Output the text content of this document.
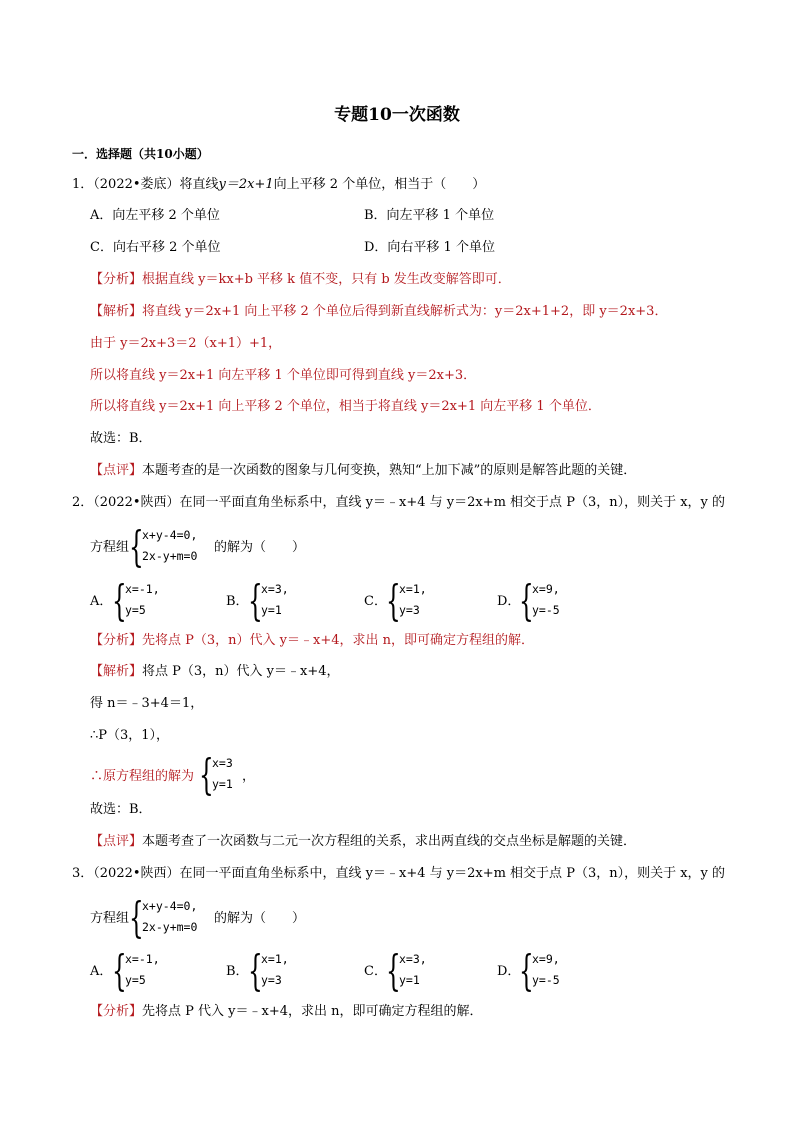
专题10一次函数
一．选择题（共10小题）
1．（2022•娄底）将直线y＝2x+1向上平移 2 个单位，相当于（　　）
A．向左平移 2 个单位	B．向左平移 1 个单位
C．向右平移 2 个单位	D．向右平移 1 个单位
【分析】根据直线 y＝kx+b 平移 k 值不变，只有 b 发生改变解答即可．
【解析】将直线 y＝2x+1 向上平移 2 个单位后得到新直线解析式为：y＝2x+1+2，即 y＝2x+3．
由于 y＝2x+3＝2（x+1）+1，
所以将直线 y＝2x+1 向左平移 1 个单位即可得到直线 y＝2x+3．
所以将直线 y＝2x+1 向上平移 2 个单位，相当于将直线 y＝2x+1 向左平移 1 个单位．
故选：B．
【点评】本题考查的是一次函数的图象与几何变换，熟知“上加下减”的原则是解答此题的关键．
2．（2022•陕西）在同一平面直角坐标系中，直线 y＝﹣x+4 与 y＝2x+m 相交于点 P（3，n），则关于 x，y 的
方程组 {
x+y-4=0,
2x-y+m=0
的解为（　　）
A． {
x=-1,
y=5
B． {
x=3,
y=1
C． {
x=1,
y=3
D．
{
x=9,
y=-5
【分析】先将点 P（3，n）代入 y＝﹣x+4，求出 n，即可确定方程组的解．
【解析】将点 P（3，n）代入 y＝﹣x+4，
得 n＝﹣3+4＝1，
∴P（3，1），
∴原方程组的解为 {
x=3
y=1 ，
故选：B．
【点评】本题考查了一次函数与二元一次方程组的关系，求出两直线的交点坐标是解题的关键．
3．（2022•陕西）在同一平面直角坐标系中，直线 y＝﹣x+4 与 y＝2x+m 相交于点 P（3，n），则关于 x，y 的
方程组 {
x+y-4=0,
2x-y+m=0
的解为（　　）
A． {
x=-1,
y=5
B． {
x=1,
y=3
C． {
x=3,
y=1
D．
{
x=9,
y=-5
【分析】先将点 P 代入 y＝﹣x+4，求出 n，即可确定方程组的解．
